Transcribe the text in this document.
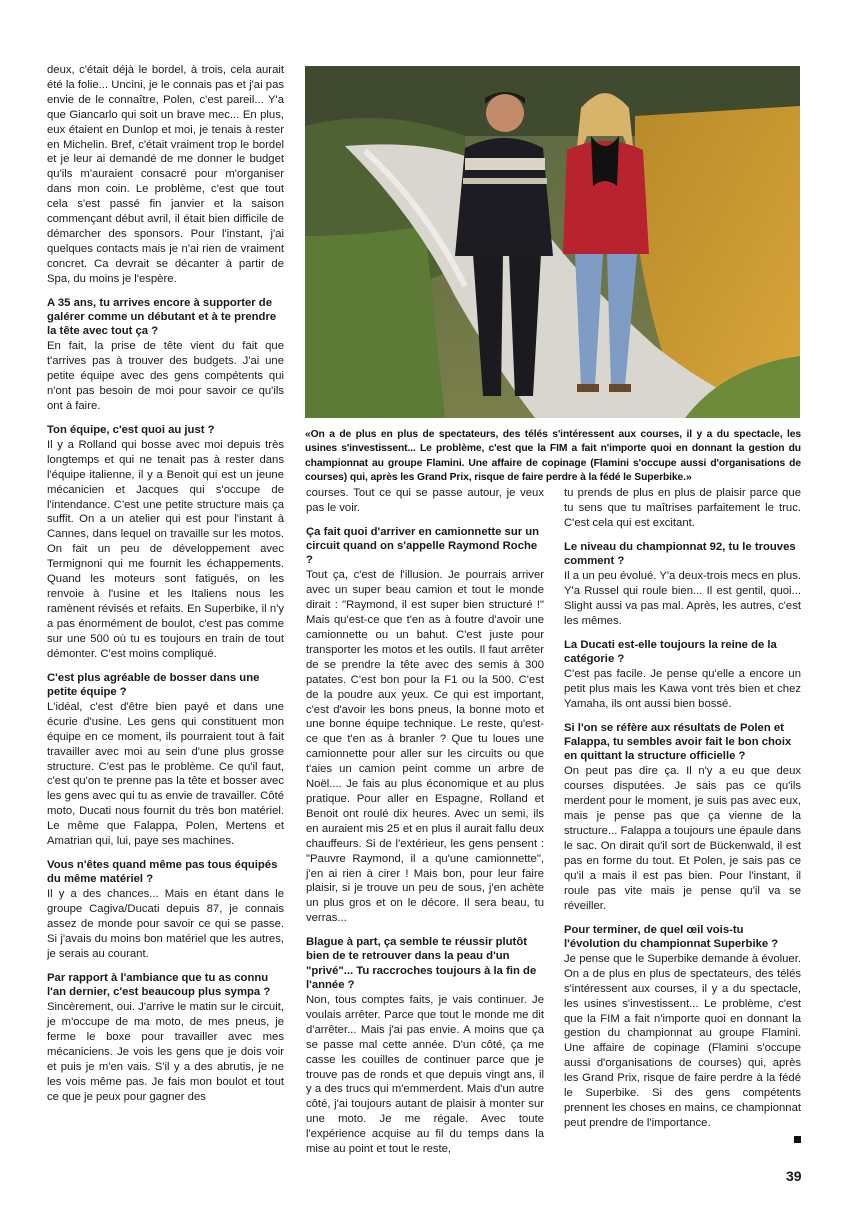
deux, c'était déjà le bordel, à trois, cela aurait été la folie... Uncini, je le connais pas et j'ai pas envie de le connaître, Polen, c'est pareil... Y'a que Giancarlo qui soit un brave mec... En plus, eux étaient en Dunlop et moi, je tenais à rester en Michelin. Bref, c'était vraiment trop le bordel et je leur ai demandé de me donner le budget qu'ils m'auraient consacré pour m'organiser dans mon coin. Le problème, c'est que tout cela s'est passé fin janvier et la saison commençant début avril, il était bien difficile de démarcher des sponsors. Pour l'instant, j'ai quelques contacts mais je n'ai rien de vraiment concret. Ca devrait se décanter à partir de Spa, du moins je l'espère.

A 35 ans, tu arrives encore à supporter de galérer comme un débutant et à te prendre la tête avec tout ça ?

En fait, la prise de tête vient du fait que t'arrives pas à trouver des budgets. J'ai une petite équipe avec des gens compétents qui n'ont pas besoin de moi pour savoir ce qu'ils ont à faire.

Ton équipe, c'est quoi au just ?

Il y a Rolland qui bosse avec moi depuis très longtemps et qui ne tenait pas à rester dans l'équipe italienne, il y a Benoit qui est un jeune mécanicien et Jacques qui s'occupe de l'intendance. C'est une petite structure mais ça suffit. On a un atelier qui est pour l'instant à Cannes, dans lequel on travaille sur les motos. On fait un peu de développement avec Termignoni qui me fournit les échappements. Quand les moteurs sont fatigués, on les renvoie à l'usine et les Italiens nous les ramènent révisés et refaits. En Superbike, il n'y a pas énormément de boulot, c'est pas comme sur une 500 où tu es toujours en train de tout démonter. C'est moins compliqué.

C'est plus agréable de bosser dans une petite équipe ?

L'idéal, c'est d'être bien payé et dans une écurie d'usine. Les gens qui constituent mon équipe en ce moment, ils pourraient tout à fait travailler avec moi au sein d'une plus grosse structure. C'est pas le problème. Ce qu'il faut, c'est qu'on te prenne pas la tête et bosser avec les gens avec qui tu as envie de travailler. Côté moto, Ducati nous fournit du très bon matériel. Le même que Falappa, Polen, Mertens et Amatrian qui, lui, paye ses machines.

Vous n'êtes quand même pas tous équipés du même matériel ?

Il y a des chances... Mais en étant dans le groupe Cagiva/Ducati depuis 87, je connais assez de monde pour savoir ce qui se passe. Si j'avais du moins bon matériel que les autres, je serais au courant.

Par rapport à l'ambiance que tu as connu l'an dernier, c'est beaucoup plus sympa ?

Sincèrement, oui. J'arrive le matin sur le circuit, je m'occupe de ma moto, de mes pneus, je ferme le boxe pour travailler avec mes mécaniciens. Je vois les gens que je dois voir et puis je m'en vais. S'il y a des abrutis, je ne les vois même pas. Je fais mon boulot et tout ce que je peux pour gagner des

«On a de plus en plus de spectateurs, des télés s'intéressent aux courses, il y a du spectacle, les usines s'investissent... Le problème, c'est que la FIM a fait n'importe quoi en donnant la gestion du championnat au groupe Flamini. Une affaire de copinage (Flamini s'occupe aussi d'organisations de courses) qui, après les Grand Prix, risque de faire perdre à la fédé le Superbike.»

courses. Tout ce qui se passe autour, je veux pas le voir.

Ça fait quoi d'arriver en camionnette sur un circuit quand on s'appelle Raymond Roche ?

Tout ça, c'est de l'illusion. Je pourrais arriver avec un super beau camion et tout le monde dirait : "Raymond, il est super bien structuré !" Mais qu'est-ce que t'en as à foutre d'avoir une camionnette ou un bahut. C'est juste pour transporter les motos et les outils. Il faut arrêter de se prendre la tête avec des semis à 300 patates. C'est bon pour la F1 ou la 500. C'est de la poudre aux yeux. Ce qui est important, c'est d'avoir les bons pneus, la bonne moto et une bonne équipe technique. Le reste, qu'est-ce que t'en as à branler ? Que tu loues une camionnette pour aller sur les circuits ou que t'aies un camion peint comme un arbre de Noël.... Je fais au plus économique et au plus pratique. Pour aller en Espagne, Rolland et Benoit ont roulé dix heures. Avec un semi, ils en auraient mis 25 et en plus il aurait fallu deux chauffeurs. Si de l'extérieur, les gens pensent : "Pauvre Raymond, il a qu'une camionnette", j'en ai rien à cirer ! Mais bon, pour leur faire plaisir, si je trouve un peu de sous, j'en achète un plus gros et on le décore. Il sera beau, tu verras...

Blague à part, ça semble te réussir plutôt bien de te retrouver dans la peau d'un "privé"... Tu raccroches toujours à la fin de l'année ?

Non, tous comptes faits, je vais continuer. Je voulais arrêter. Parce que tout le monde me dit d'arrêter... Mais j'ai pas envie. A moins que ça se passe mal cette année. D'un côté, ça me casse les couilles de continuer parce que je trouve pas de ronds et que depuis vingt ans, il y a des trucs qui m'emmerdent. Mais d'un autre côté, j'ai toujours autant de plaisir à monter sur une moto. Je me régale. Avec toute l'expérience acquise au fil du temps dans la mise au point et tout le reste,

tu prends de plus en plus de plaisir parce que tu sens que tu maîtrises parfaitement le truc. C'est cela qui est excitant.

Le niveau du championnat 92, tu le trouves comment ?

Il a un peu évolué. Y'a deux-trois mecs en plus. Y'a Russel qui roule bien... Il est gentil, quoi... Slight aussi va pas mal. Après, les autres, c'est les mêmes.

La Ducati est-elle toujours la reine de la catégorie ?

C'est pas facile. Je pense qu'elle a encore un petit plus mais les Kawa vont très bien et chez Yamaha, ils ont aussi bien bossé.

Si l'on se réfère aux résultats de Polen et Falappa, tu sembles avoir fait le bon choix en quittant la structure officielle ?

On peut pas dire ça. Il n'y a eu que deux courses disputées. Je sais pas ce qu'ils merdent pour le moment, je suis pas avec eux, mais je pense pas que ça vienne de la structure... Falappa a toujours une épaule dans le sac. On dirait qu'il sort de Bückenwald, il est pas en forme du tout. Et Polen, je sais pas ce qu'il a mais il est pas bien. Pour l'instant, il roule pas vite mais je pense qu'il va se réveiller.

Pour terminer, de quel œil vois-tu l'évolution du championnat Superbike ?

Je pense que le Superbike demande à évoluer. On a de plus en plus de spectateurs, des télés s'intéressent aux courses, il y a du spectacle, les usines s'investissent... Le problème, c'est que la FIM a fait n'importe quoi en donnant la gestion du championnat au groupe Flamini. Une affaire de copinage (Flamini s'occupe aussi d'organisations de courses) qui, après les Grand Prix, risque de faire perdre à la fédé le Superbike. Si des gens compétents prennent les choses en mains, ce championnat peut prendre de l'importance.

39
